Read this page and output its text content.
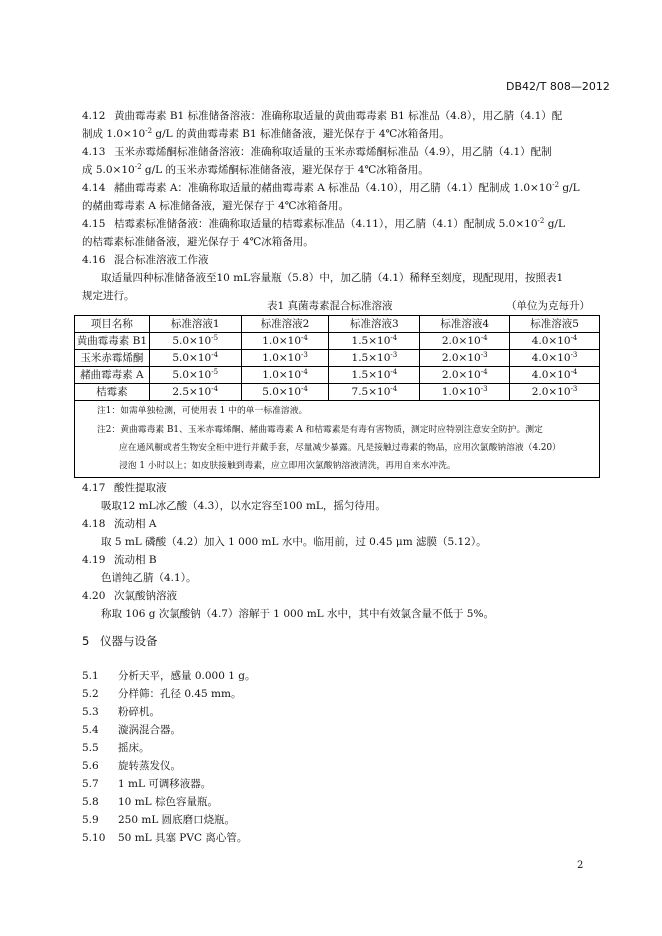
DB42/T 808—2012
4.12 黄曲霉毒素 B1 标准储备溶液：准确称取适量的黄曲霉毒素 B1 标准品（4.8），用乙腈（4.1）配
制成 $1.0\times 10^{-2}$ g/L 的黄曲霉毒素 B1 标准储备液，避光保存于 4℃冰箱备用。
4.13 玉米赤霉烯酮标准储备溶液：准确称取适量的玉米赤霉烯酮标准品（4.9），用乙腈（4.1）配制
成 $5.0\times 10^{-2}$ g/L 的玉米赤霉烯酮标准储备液，避光保存于 4℃冰箱备用。
4.14 赭曲霉毒素 A：准确称取适量的赭曲霉毒素 A 标准品（4.10），用乙腈（4.1）配制成 $1.0\times 10^{-2}$ g/L
的赭曲霉毒素 A 标准储备液，避光保存于 4℃冰箱备用。
4.15 桔霉素标准储备液：准确称取适量的桔霉素标准品（4.11），用乙腈（4.1）配制成 $5.0\times 10^{-2}$ g/L
的桔霉素标准储备液，避光保存于 4℃冰箱备用。
4.16 混合标准溶液工作液
取适量四种标准储备液至10 mL容量瓶（5.8）中，加乙腈（4.1）稀释至刻度，现配现用，按照表1
规定进行。
表1 真菌毒素混合标准溶液	（单位为克每升）
项目名称	标准溶液1	标准溶液2	标准溶液3	标准溶液4	标准溶液5
黄曲霉毒素 B1	$5.0\times 10^{-5}$	$1.0\times 10^{-4}$	$1.5\times 10^{-4}$	$2.0\times 10^{-4}$	$4.0\times 10^{-4}$
玉米赤霉烯酮	$5.0\times 10^{-4}$	$1.0\times 10^{-3}$	$1.5\times 10^{-3}$	$2.0\times 10^{-3}$	$4.0\times 10^{-3}$
赭曲霉毒素 A	$5.0\times 10^{-5}$	$1.0\times 10^{-4}$	$1.5\times 10^{-4}$	$2.0\times 10^{-4}$	$4.0\times 10^{-4}$
桔霉素	$2.5\times 10^{-4}$	$5.0\times 10^{-4}$	$7.5\times 10^{-4}$	$1.0\times 10^{-3}$	$2.0\times 10^{-3}$
注1：如需单独检测，可使用表 1 中的单一标准溶液。
注2：黄曲霉毒素 B1、玉米赤霉烯酮、赭曲霉毒素 A 和桔霉素是有毒有害物质，测定时应特别注意安全防护。测定
应在通风橱或者生物安全柜中进行并戴手套，尽量减少暴露。凡是接触过毒素的物品，应用次氯酸钠溶液（4.20）
浸泡 1 小时以上；如皮肤接触到毒素，应立即用次氯酸钠溶液清洗，再用自来水冲洗。
4.17 酸性提取液
吸取12 mL冰乙酸（4.3），以水定容至100 mL，摇匀待用。
4.18 流动相 A
取 5 mL 磷酸（4.2）加入 1 000 mL 水中。临用前，过 0.45 μm 滤膜（5.12）。
4.19 流动相 B
色谱纯乙腈（4.1）。
4.20 次氯酸钠溶液
称取 106 g 次氯酸钠（4.7）溶解于 1 000 mL 水中，其中有效氯含量不低于 5%。
5 仪器与设备
5.1 分析天平，感量 0.000 1 g。
5.2 分样筛：孔径 0.45 mm。
5.3 粉碎机。
5.4 漩涡混合器。
5.5 摇床。
5.6 旋转蒸发仪。
5.7 1 mL 可调移液器。
5.8 10 mL 棕色容量瓶。
5.9 250 mL 圆底磨口烧瓶。
5.10 50 mL 具塞 PVC 离心管。
2
